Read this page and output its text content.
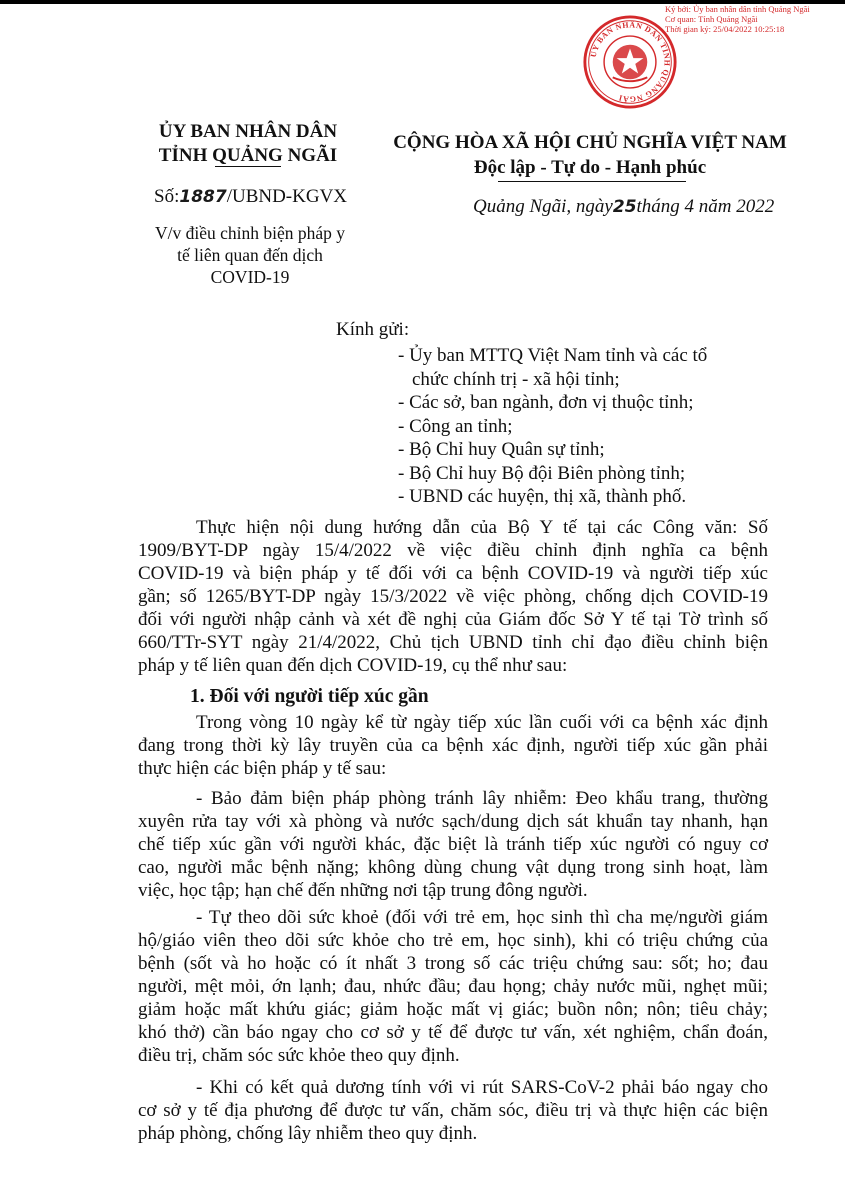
Ký bởi: Ủy ban nhân dân tỉnh Quảng Ngãi
Cơ quan: Tỉnh Quảng Ngãi
Thời gian ký: 25/04/2022 10:25:18
ỦY BAN NHÂN DÂN TỈNH QUẢNG NGÃI
ỦY BAN NHÂN DÂN
TỈNH QUẢNG NGÃI
Số:1887/UBND-KGVX
V/v điều chỉnh biện pháp y
tế liên quan đến dịch
COVID-19
CỘNG HÒA XÃ HỘI CHỦ NGHĨA VIỆT NAM
Độc lập - Tự do - Hạnh phúc
Quảng Ngãi, ngày25tháng 4 năm 2022
Kính gửi:
- Ủy ban MTTQ Việt Nam tỉnh và các tổ
chức chính trị - xã hội tỉnh;
- Các sở, ban ngành, đơn vị thuộc tỉnh;
- Công an tỉnh;
- Bộ Chỉ huy Quân sự tỉnh;
- Bộ Chỉ huy Bộ đội Biên phòng tỉnh;
- UBND các huyện, thị xã, thành phố.
Thực hiện nội dung hướng dẫn của Bộ Y tế tại các Công văn: Số
1909/BYT-DP ngày 15/4/2022 về việc điều chỉnh định nghĩa ca bệnh
COVID-19 và biện pháp y tế đối với ca bệnh COVID-19 và người tiếp xúc
gần; số 1265/BYT-DP ngày 15/3/2022 về việc phòng, chống dịch COVID-19
đối với người nhập cảnh và xét đề nghị của Giám đốc Sở Y tế tại Tờ trình số
660/TTr-SYT ngày 21/4/2022, Chủ tịch UBND tỉnh chỉ đạo điều chỉnh biện
pháp y tế liên quan đến dịch COVID-19, cụ thể như sau:
1. Đối với người tiếp xúc gần
Trong vòng 10 ngày kể từ ngày tiếp xúc lần cuối với ca bệnh xác định
đang trong thời kỳ lây truyền của ca bệnh xác định, người tiếp xúc gần phải
thực hiện các biện pháp y tế sau:
- Bảo đảm biện pháp phòng tránh lây nhiễm: Đeo khẩu trang, thường
xuyên rửa tay với xà phòng và nước sạch/dung dịch sát khuẩn tay nhanh, hạn
chế tiếp xúc gần với người khác, đặc biệt là tránh tiếp xúc người có nguy cơ
cao, người mắc bệnh nặng; không dùng chung vật dụng trong sinh hoạt, làm
việc, học tập; hạn chế đến những nơi tập trung đông người.
- Tự theo dõi sức khoẻ (đối với trẻ em, học sinh thì cha mẹ/người giám
hộ/giáo viên theo dõi sức khỏe cho trẻ em, học sinh), khi có triệu chứng của
bệnh (sốt và ho hoặc có ít nhất 3 trong số các triệu chứng sau: sốt; ho; đau
người, mệt mỏi, ớn lạnh; đau, nhức đầu; đau họng; chảy nước mũi, nghẹt mũi;
giảm hoặc mất khứu giác; giảm hoặc mất vị giác; buồn nôn; nôn; tiêu chảy;
khó thở) cần báo ngay cho cơ sở y tế để được tư vấn, xét nghiệm, chẩn đoán,
điều trị, chăm sóc sức khỏe theo quy định.
- Khi có kết quả dương tính với vi rút SARS-CoV-2 phải báo ngay cho
cơ sở y tế địa phương để được tư vấn, chăm sóc, điều trị và thực hiện các biện
pháp phòng, chống lây nhiễm theo quy định.
